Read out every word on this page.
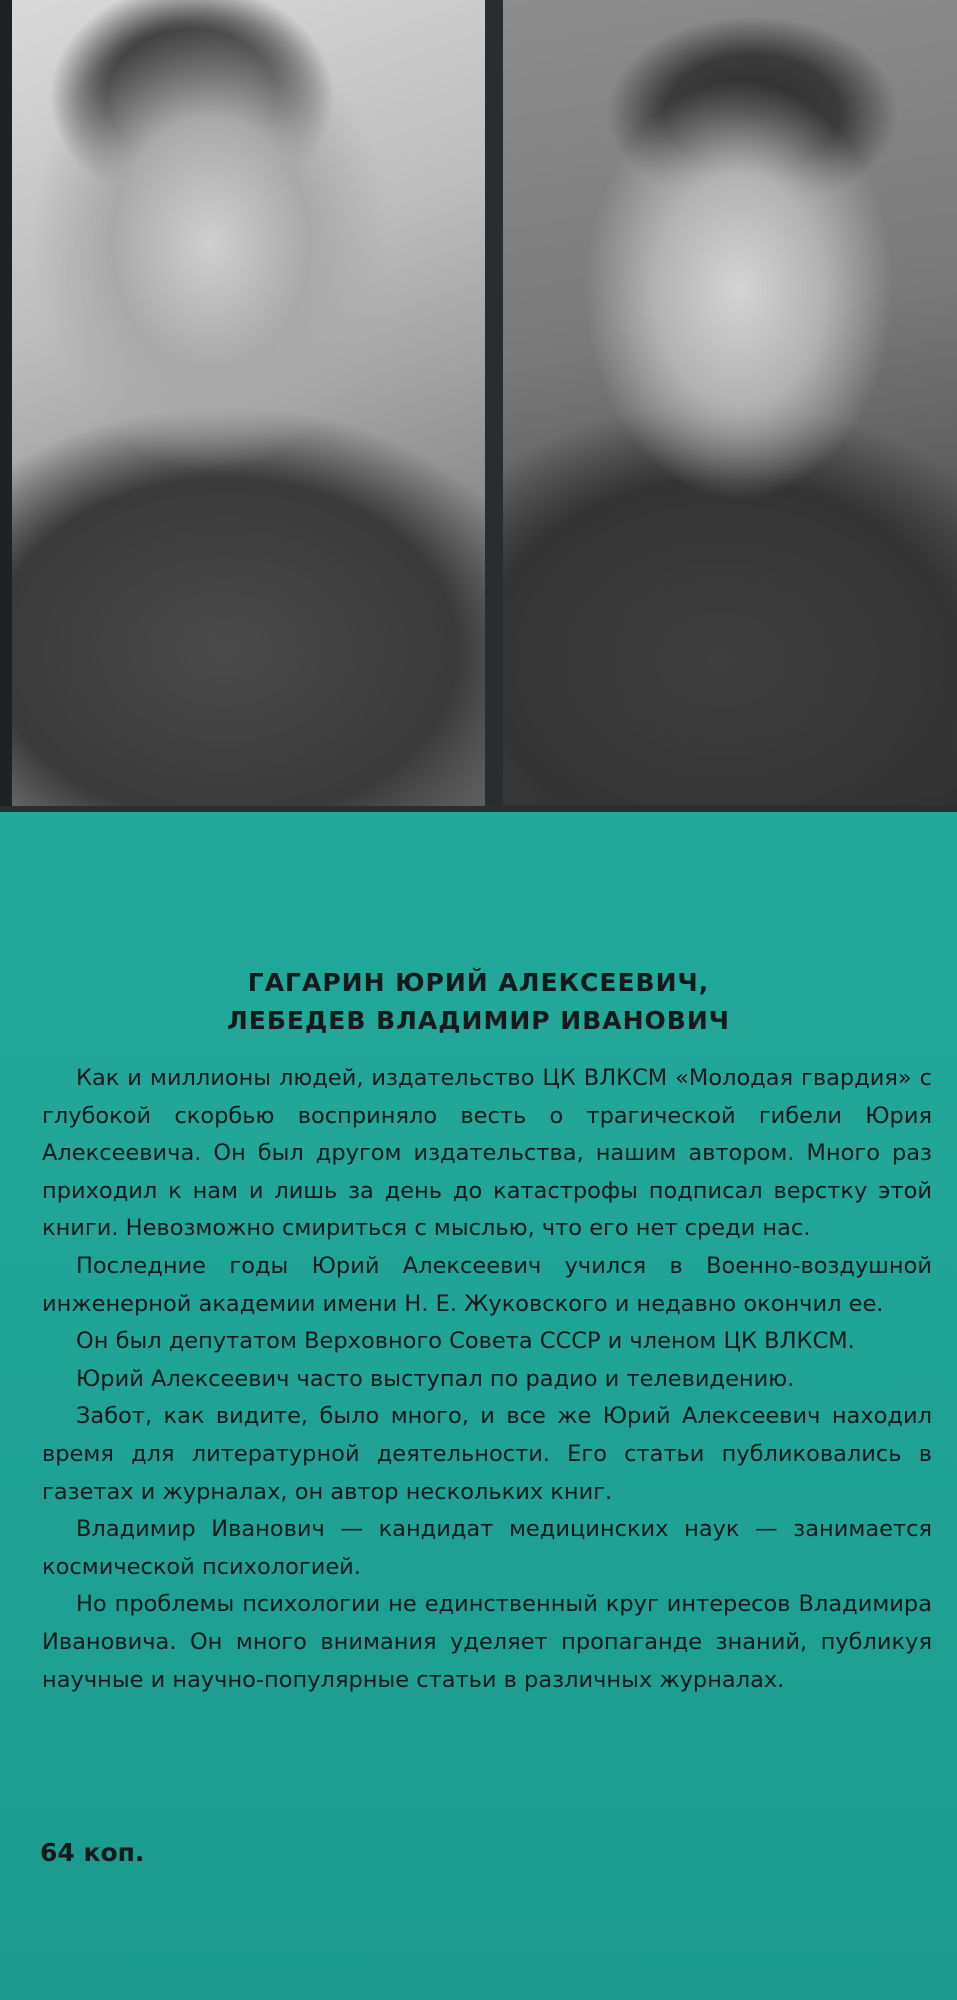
ГАГАРИН ЮРИЙ АЛЕКСЕЕВИЧ,
ЛЕБЕДЕВ ВЛАДИМИР ИВАНОВИЧ

Как и миллионы людей, издательство ЦК ВЛКСМ «Молодая гвардия» с глубокой скорбью восприняло весть о трагической гибели Юрия Алексеевича. Он был другом издательства, нашим автором. Много раз приходил к нам и лишь за день до катастрофы подписал верстку этой книги. Невозможно смириться с мыслью, что его нет среди нас.

Последние годы Юрий Алексеевич учился в Военно-воздушной инженерной академии имени Н. Е. Жуковского и недавно окончил ее.

Он был депутатом Верховного Совета СССР и членом ЦК ВЛКСМ.

Юрий Алексеевич часто выступал по радио и телевидению.

Забот, как видите, было много, и все же Юрий Алексеевич находил время для литературной деятельности. Его статьи публиковались в газетах и журналах, он автор нескольких книг.

Владимир Иванович — кандидат медицинских наук — занимается космической психологией.

Но проблемы психологии не единственный круг интересов Владимира Ивановича. Он много внимания уделяет пропаганде знаний, публикуя научные и научно-популярные статьи в различных журналах.

64 коп.
